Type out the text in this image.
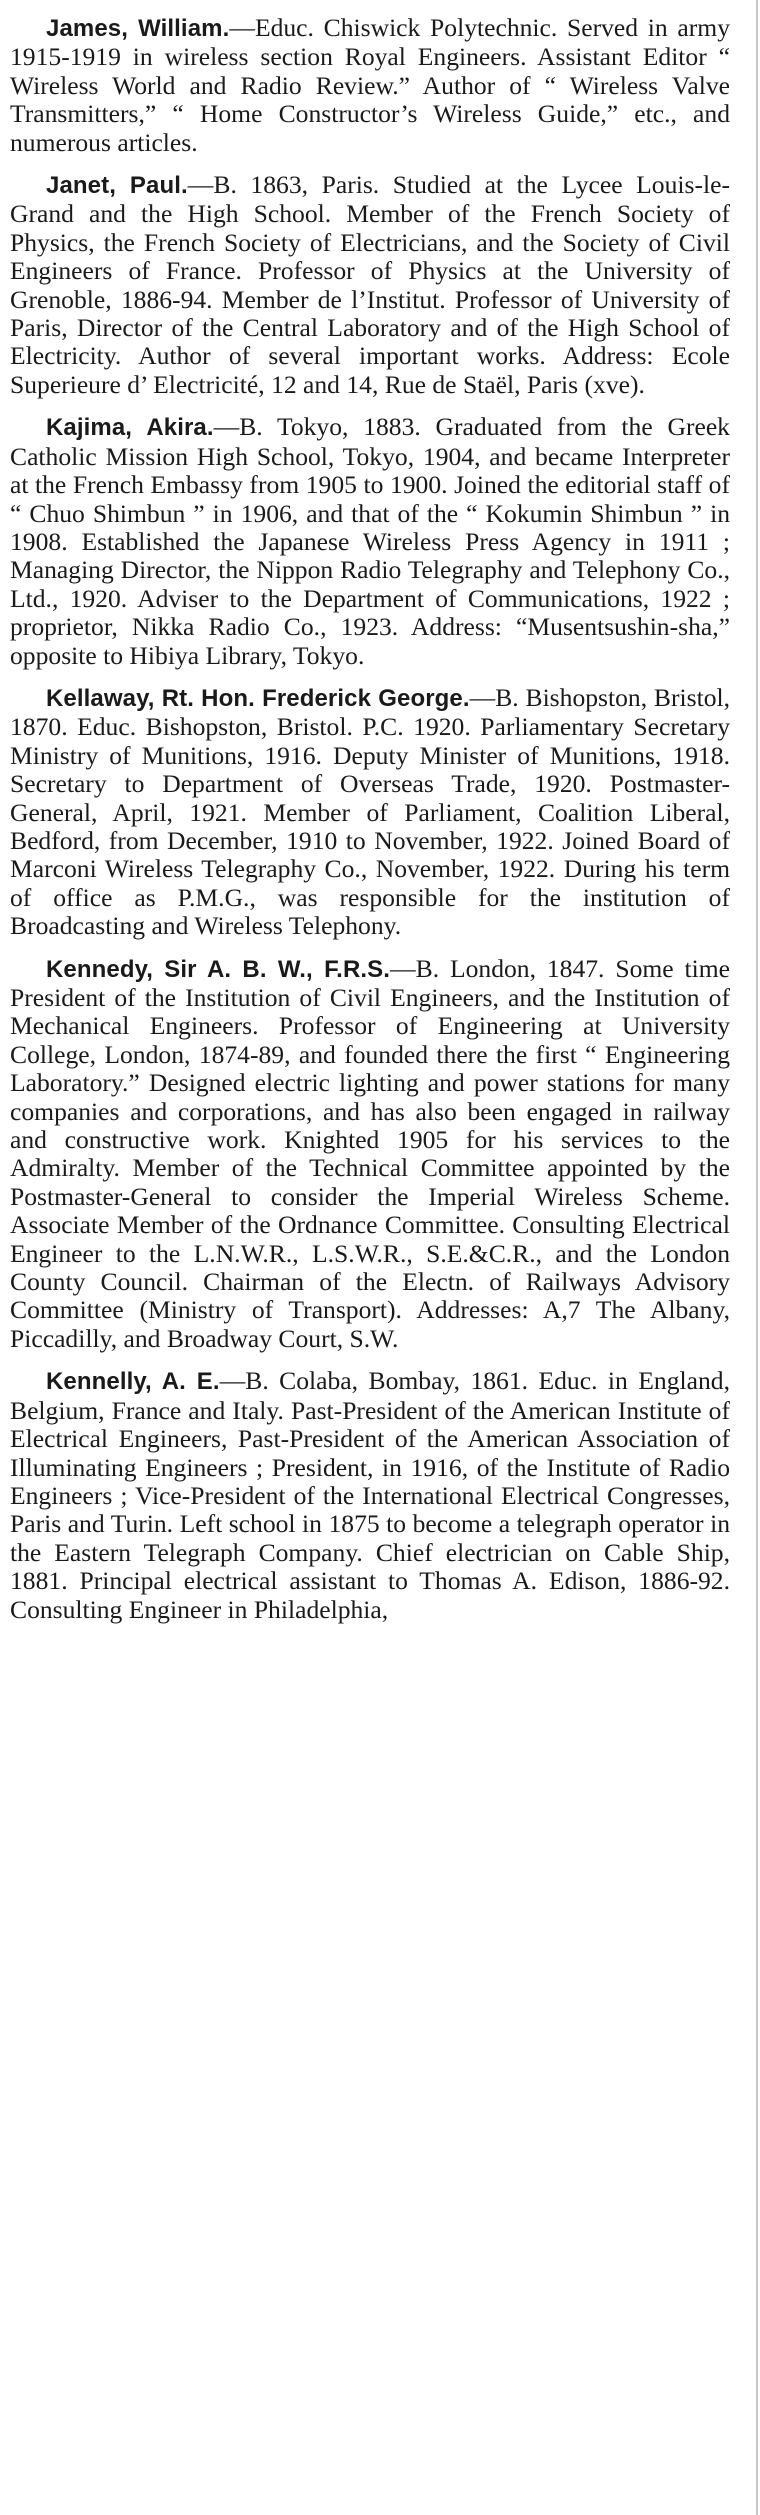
James, William.—Educ. Chiswick Polytechnic. Served in army 1915-1919 in wireless section Royal Engineers. Assistant Editor “ Wireless World and Radio Review.” Author of “ Wireless Valve Transmitters,” “ Home Constructor’s Wireless Guide,” etc., and numerous articles.

Janet, Paul.—B. 1863, Paris. Studied at the Lycee Louis-le-Grand and the High School. Member of the French Society of Physics, the French Society of Electricians, and the Society of Civil Engineers of France. Professor of Physics at the University of Grenoble, 1886-94. Member de l’Institut. Professor of University of Paris, Director of the Central Laboratory and of the High School of Electricity. Author of several important works. Address: Ecole Superieure d’ Electricité, 12 and 14, Rue de Staël, Paris (xve).

Kajima, Akira.—B. Tokyo, 1883. Graduated from the Greek Catholic Mission High School, Tokyo, 1904, and became Interpreter at the French Embassy from 1905 to 1900. Joined the editorial staff of “ Chuo Shimbun ” in 1906, and that of the “ Kokumin Shimbun ” in 1908. Established the Japanese Wireless Press Agency in 1911 ; Managing Director, the Nippon Radio Telegraphy and Telephony Co., Ltd., 1920. Adviser to the Department of Communications, 1922 ; proprietor, Nikka Radio Co., 1923. Address: “Musentsushin-sha,” opposite to Hibiya Library, Tokyo.

Kellaway, Rt. Hon. Frederick George.—B. Bishopston, Bristol, 1870. Educ. Bishopston, Bristol. P.C. 1920. Parliamentary Secretary Ministry of Munitions, 1916. Deputy Minister of Munitions, 1918. Secretary to Department of Overseas Trade, 1920. Postmaster-General, April, 1921. Member of Parliament, Coalition Liberal, Bedford, from December, 1910 to November, 1922. Joined Board of Marconi Wireless Telegraphy Co., November, 1922. During his term of office as P.M.G., was responsible for the institution of Broadcasting and Wireless Telephony.

Kennedy, Sir A. B. W., F.R.S.—B. London, 1847. Some time President of the Institution of Civil Engineers, and the Institution of Mechanical Engineers. Professor of Engineering at University College, London, 1874-89, and founded there the first “ Engineering Laboratory.” Designed electric lighting and power stations for many companies and corporations, and has also been engaged in railway and constructive work. Knighted 1905 for his services to the Admiralty. Member of the Technical Committee appointed by the Postmaster-General to consider the Imperial Wireless Scheme. Associate Member of the Ordnance Committee. Consulting Electrical Engineer to the L.N.W.R., L.S.W.R., S.E.&C.R., and the London County Council. Chairman of the Electn. of Railways Advisory Committee (Ministry of Transport). Addresses: A,7 The Albany, Piccadilly, and Broadway Court, S.W.

Kennelly, A. E.—B. Colaba, Bombay, 1861. Educ. in England, Belgium, France and Italy. Past-President of the American Institute of Electrical Engineers, Past-President of the American Association of Illuminating Engineers ; President, in 1916, of the Institute of Radio Engineers ; Vice-President of the International Electrical Congresses, Paris and Turin. Left school in 1875 to become a telegraph operator in the Eastern Telegraph Company. Chief electrician on Cable Ship, 1881. Principal electrical assistant to Thomas A. Edison, 1886-92. Consulting Engineer in Philadelphia,
